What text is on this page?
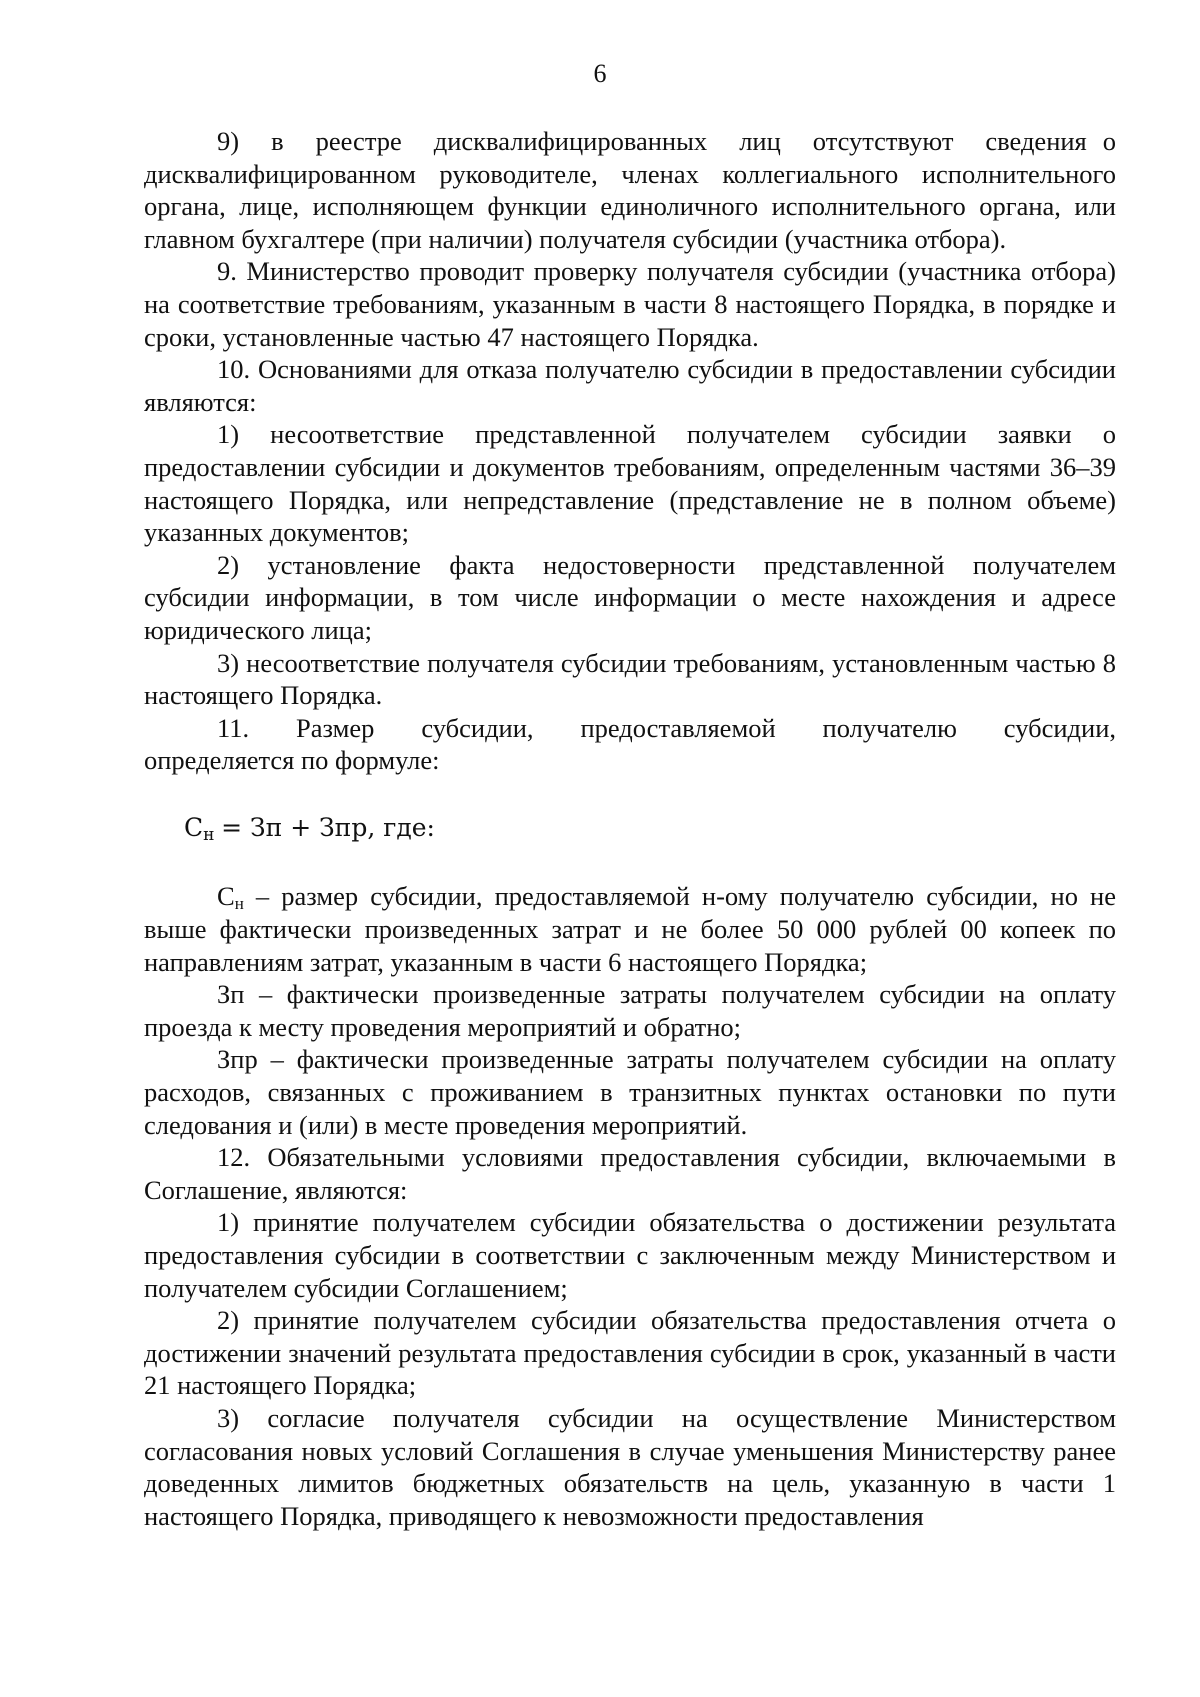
6

9)  в  реестре  дисквалифицированных  лиц  отсутствуют  сведения о дисквалифицированном руководителе, членах коллегиального исполнительного органа, лице, исполняющем функции единоличного исполнительного органа, или главном бухгалтере (при наличии) получателя субсидии (участника отбора).

9. Министерство проводит проверку получателя субсидии (участника отбора) на соответствие требованиям, указанным в части 8 настоящего Порядка, в порядке и сроки, установленные частью 47 настоящего Порядка.

10. Основаниями для отказа получателю субсидии в предоставлении субсидии являются:

1) несоответствие представленной получателем субсидии заявки о предоставлении субсидии и документов требованиям, определенным частями 36–39 настоящего Порядка, или непредставление (представление не в полном объеме) указанных документов;

2) установление факта недостоверности представленной получателем субсидии информации, в том числе информации о месте нахождения и адресе юридического лица;

3) несоответствие получателя субсидии требованиям, установленным частью 8 настоящего Порядка.

11.   Размер   субсидии,   предоставляемой   получателю   субсидии, определяется по формуле:

$C_н$ = Зп + Зпр, где:

$С_н$ – размер субсидии, предоставляемой н-ому получателю субсидии, но не выше фактически произведенных затрат и не более 50 000 рублей 00 копеек по направлениям затрат, указанным в части 6 настоящего Порядка;

Зп – фактически произведенные затраты получателем субсидии на оплату проезда к месту проведения мероприятий и обратно;

Зпр – фактически произведенные затраты получателем субсидии на оплату расходов, связанных с проживанием в транзитных пунктах остановки по пути следования и (или) в месте проведения мероприятий.

12. Обязательными условиями предоставления субсидии, включаемыми в Соглашение, являются:

1) принятие получателем субсидии обязательства о достижении результата предоставления субсидии в соответствии с заключенным между Министерством и получателем субсидии Соглашением;

2) принятие получателем субсидии обязательства предоставления отчета о достижении значений результата предоставления субсидии в срок, указанный в части 21 настоящего Порядка;

3) согласие получателя субсидии на осуществление Министерством согласования новых условий Соглашения в случае уменьшения Министерству ранее доведенных лимитов бюджетных обязательств на цель, указанную в части 1 настоящего Порядка, приводящего к невозможности предоставления
